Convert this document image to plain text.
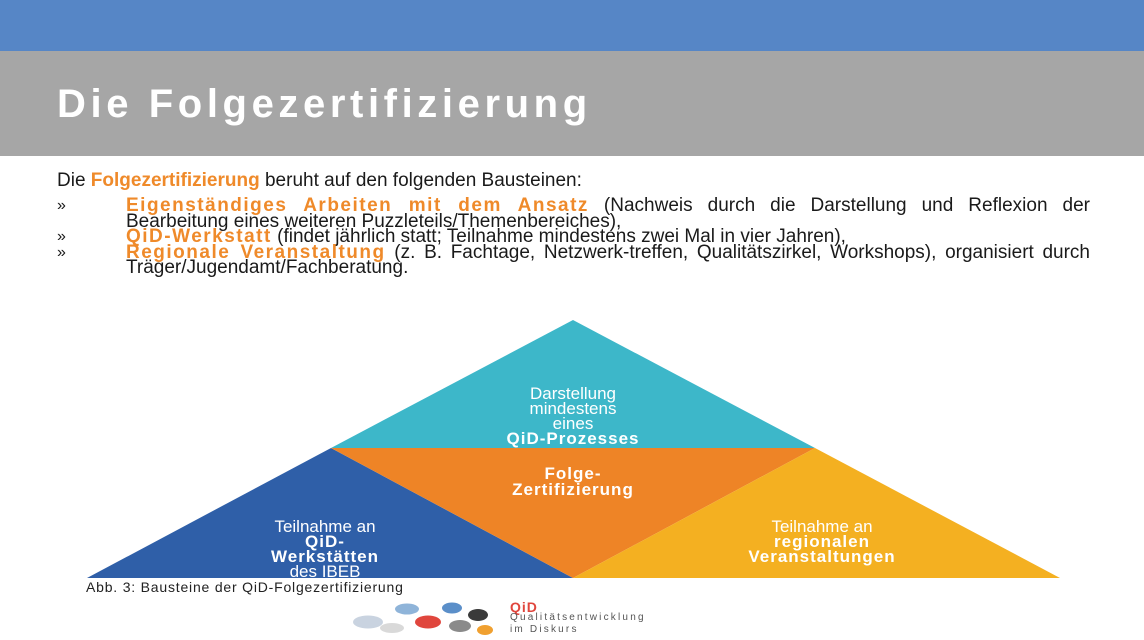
Die Folgezertifizierung
Die Folgezertifizierung beruht auf den folgenden Bausteinen:
»	Eigenständiges Arbeiten mit dem Ansatz (Nachweis durch die Darstellung und Reflexion der Bearbeitung eines weiteren Puzzleteils/Themenbereiches),
»	QiD-Werkstatt (findet jährlich statt; Teilnahme mindestens zwei Mal in vier Jahren),
»	Regionale Veranstaltung (z. B. Fachtage, Netzwerk-treffen, Qualitätszirkel, Workshops), organisiert durch Träger/Jugendamt/Fachberatung.
Darstellung
mindestens
eines
QiD-Prozesses
Folge-
Zertifizierung
Teilnahme an
QiD-
Werkstätten
des IBEB
Teilnahme an
regionalen
Veranstaltungen
Abb. 3: Bausteine der QiD-Folgezertifizierung
QiD
Qualitätsentwicklung
im Diskurs
